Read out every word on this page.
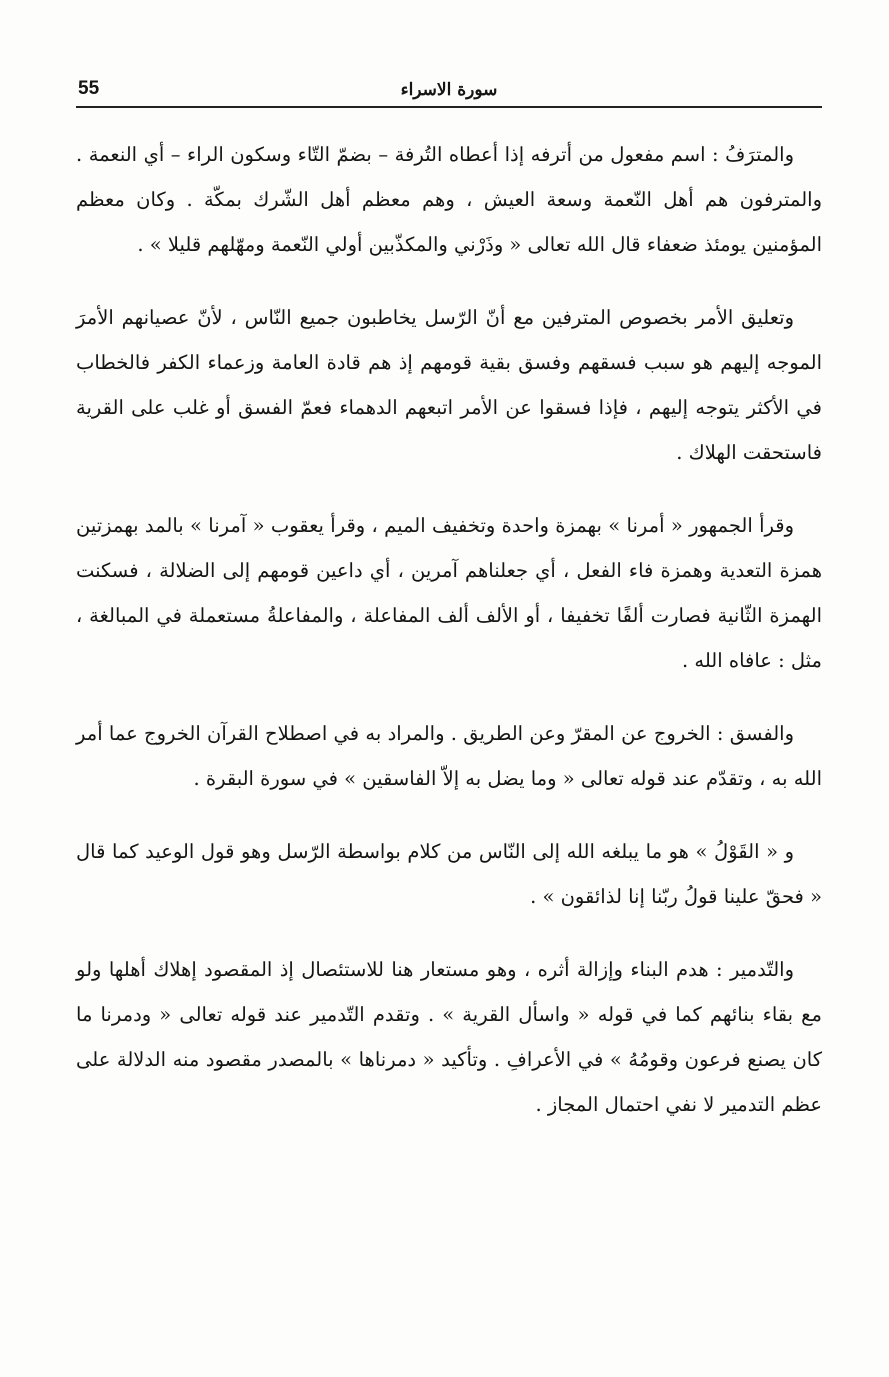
55	سورة الاسراء

والمترَفُ : اسم مفعول من أترفه إذا أعطاه التُرفة – بضمّ التّاء وسكون الراء – أي النعمة . والمترفون هم أهل النّعمة وسعة العيش ، وهم معظم أهل الشّرك بمكّة . وكان معظم المؤمنين يومئذ ضعفاء قال الله تعالى « وذَرْني والمكذّبين أولي النّعمة ومهّلهم قليلا » .

وتعليق الأمر بخصوص المترفين مع أنّ الرّسل يخاطبون جميع النّاس ، لأنّ عصيانهم الأمرَ الموجه إليهم هو سبب فسقهم وفسق بقية قومهم إذ هم قادة العامة وزعماء الكفر فالخطاب في الأكثر يتوجه إليهم ، فإذا فسقوا عن الأمر اتبعهم الدهماء فعمّ الفسق أو غلب على القرية فاستحقت الهلاك .

وقرأ الجمهور « أمرنا » بهمزة واحدة وتخفيف الميم ، وقرأ يعقوب « آمرنا » بالمد بهمزتين همزة التعدية وهمزة فاء الفعل ، أي جعلناهم آمرين ، أي داعين قومهم إلى الضلالة ، فسكنت الهمزة الثّانية فصارت ألفًا تخفيفا ، أو الألف ألف المفاعلة ، والمفاعلةُ مستعملة في المبالغة ، مثل : عافاه الله .

والفسق : الخروج عن المقرّ وعن الطريق . والمراد به في اصطلاح القرآن الخروج عما أمر الله به ، وتقدّم عند قوله تعالى « وما يضل به إلاّ الفاسقين » في سورة البقرة .

و « القَوْلُ » هو ما يبلغه الله إلى النّاس من كلام بواسطة الرّسل وهو قول الوعيد كما قال « فحقّ علينا قولُ ربّنا إنا لذائقون » .

والتّدمير : هدم البناء وإزالة أثره ، وهو مستعار هنا للاستئصال إذ المقصود إهلاك أهلها ولو مع بقاء بنائهم كما في قوله « واسأل القرية » . وتقدم التّدمير عند قوله تعالى « ودمرنا ما كان يصنع فرعون وقومُهُ » في الأعرافِ . وتأكيد « دمرناها » بالمصدر مقصود منه الدلالة على عظم التدمير لا نفي احتمال المجاز .
